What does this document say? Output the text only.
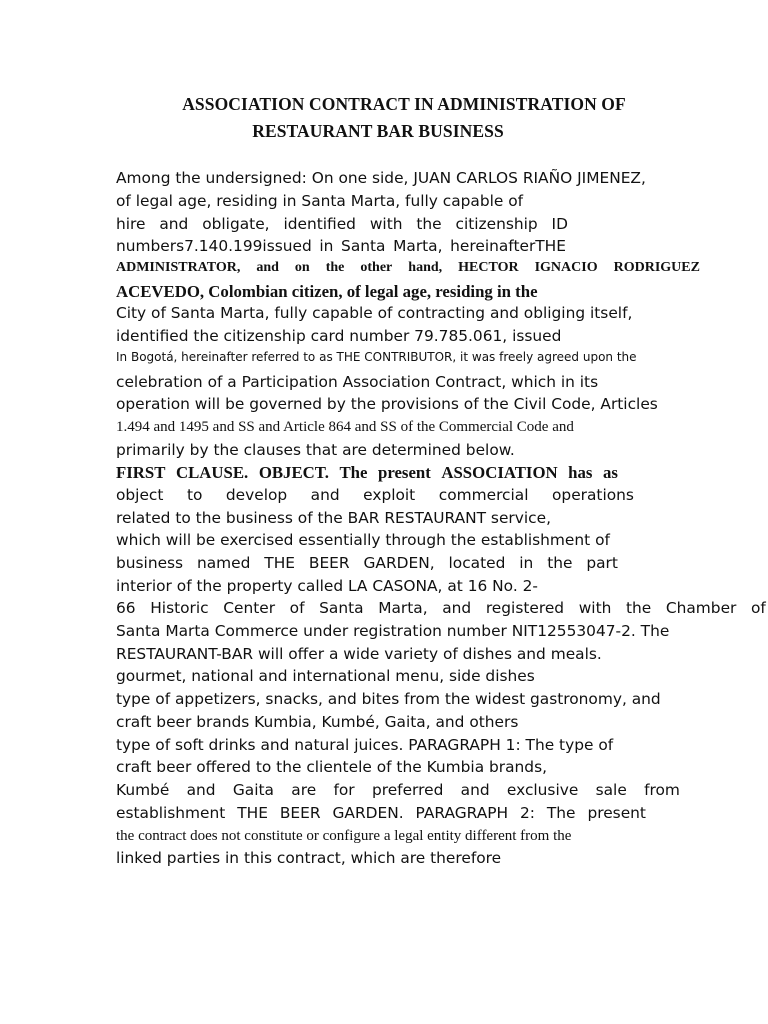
ASSOCIATION CONTRACT IN ADMINISTRATION OF
RESTAURANT BAR BUSINESS
Among the undersigned: On one side, JUAN CARLOS RIAÑO JIMENEZ,
of legal age, residing in Santa Marta, fully capable of
hire and obligate, identified with the citizenship ID
numbers7.140.199issued in Santa Marta, hereinafterTHE
ADMINISTRATOR, and on the other hand, HECTOR IGNACIO RODRIGUEZ
ACEVEDO, Colombian citizen, of legal age, residing in the
City of Santa Marta, fully capable of contracting and obliging itself,
identified the citizenship card number 79.785.061, issued
In Bogotá, hereinafter referred to as THE CONTRIBUTOR, it was freely agreed upon the
celebration of a Participation Association Contract, which in its
operation will be governed by the provisions of the Civil Code, Articles
1.494 and 1495 and SS and Article 864 and SS of the Commercial Code and
primarily by the clauses that are determined below.
FIRST CLAUSE. OBJECT. The present ASSOCIATION has as
object to develop and exploit commercial operations
related to the business of the BAR RESTAURANT service,
which will be exercised essentially through the establishment of
business named THE BEER GARDEN, located in the part
interior of the property called LA CASONA, at 16 No. 2-
66 Historic Center of Santa Marta, and registered with the Chamber of
Santa Marta Commerce under registration number NIT12553047-2. The
RESTAURANT-BAR will offer a wide variety of dishes and meals.
gourmet, national and international menu, side dishes
type of appetizers, snacks, and bites from the widest gastronomy, and
craft beer brands Kumbia, Kumbé, Gaita, and others
type of soft drinks and natural juices. PARAGRAPH 1: The type of
craft beer offered to the clientele of the Kumbia brands,
Kumbé and Gaita are for preferred and exclusive sale from
establishment THE BEER GARDEN. PARAGRAPH 2: The present
the contract does not constitute or configure a legal entity different from the
linked parties in this contract, which are therefore
